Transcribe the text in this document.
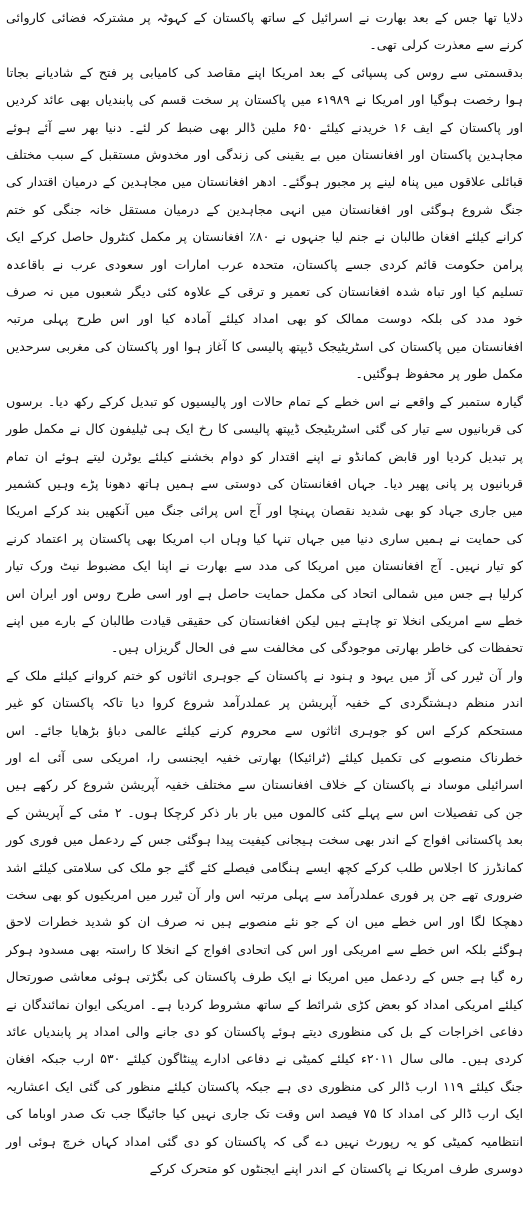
دلایا تھا جس کے بعد بھارت نے اسرائیل کے ساتھ پاکستان کے کہوٹہ پر مشترکہ فضائی کاروائی کرنے سے معذرت کرلی تھی۔

بدقسمتی سے روس کی پسپائی کے بعد امریکا اپنے مقاصد کی کامیابی پر فتح کے شادیانے بجاتا ہوا رخصت ہوگیا اور امریکا نے ۱۹۸۹ء میں پاکستان پر سخت قسم کی پابندیاں بھی عائد کردیں اور پاکستان کے ایف ۱۶ خریدنے کیلئے ۶۵۰ ملین ڈالر بھی ضبط کر لئے۔ دنیا بھر سے آئے ہوئے مجاہدین پاکستان اور افغانستان میں بے یقینی کی زندگی اور مخدوش مستقبل کے سبب مختلف قبائلی علاقوں میں پناہ لینے پر مجبور ہوگئے۔ ادھر افغانستان میں مجاہدین کے درمیان اقتدار کی جنگ شروع ہوگئی اور افغانستان میں انہی مجاہدین کے درمیان مستقل خانہ جنگی کو ختم کرانے کیلئے افغان طالبان نے جنم لیا جنہوں نے ۸۰٪ افغانستان پر مکمل کنٹرول حاصل کرکے ایک پرامن حکومت قائم کردی جسے پاکستان، متحدہ عرب امارات اور سعودی عرب نے باقاعدہ تسلیم کیا اور تباہ شدہ افغانستان کی تعمیر و ترقی کے علاوہ کئی دیگر شعبوں میں نہ صرف خود مدد کی بلکہ دوست ممالک کو بھی امداد کیلئے آمادہ کیا اور اس طرح پہلی مرتبہ افغانستان میں پاکستان کی اسٹریٹیجک ڈیپتھ پالیسی کا آغاز ہوا اور پاکستان کی مغربی سرحدیں مکمل طور پر محفوظ ہوگئیں۔

گیارہ ستمبر کے واقعے نے اس خطے کے تمام حالات اور پالیسیوں کو تبدیل کرکے رکھ دیا۔ برسوں کی قربانیوں سے تیار کی گئی اسٹریٹیجک ڈیپتھ پالیسی کا رخ ایک ہی ٹیلیفون کال نے مکمل طور پر تبدیل کردیا اور قابض کمانڈو نے اپنے اقتدار کو دوام بخشنے کیلئے یوٹرن لیتے ہوئے ان تمام قربانیوں پر پانی پھیر دیا۔ جہاں افغانستان کی دوستی سے ہمیں ہاتھ دھونا پڑے وہیں کشمیر میں جاری جہاد کو بھی شدید نقصان پہنچا اور آج اس پرائی جنگ میں آنکھیں بند کرکے امریکا کی حمایت نے ہمیں ساری دنیا میں جہاں تنہا کیا وہاں اب امریکا بھی پاکستان پر اعتماد کرنے کو تیار نہیں۔ آج افغانستان میں امریکا کی مدد سے بھارت نے اپنا ایک مضبوط نیٹ ورک تیار کرلیا ہے جس میں شمالی اتحاد کی مکمل حمایت حاصل ہے اور اسی طرح روس اور ایران اس خطے سے امریکی انخلا تو چاہتے ہیں لیکن افغانستان کی حقیقی قیادت طالبان کے بارے میں اپنے تحفظات کی خاطر بھارتی موجودگی کی مخالفت سے فی الحال گریزاں ہیں۔

وار آن ٹیرر کی آڑ میں یہود و ہنود نے پاکستان کے جوہری اثاثوں کو ختم کروانے کیلئے ملک کے اندر منظم دہشتگردی کے خفیہ آپریشن پر عملدرآمد شروع کروا دیا تاکہ پاکستان کو غیر مستحکم کرکے اس کو جوہری اثاثوں سے محروم کرنے کیلئے عالمی دباؤ بڑھایا جائے۔ اس خطرناک منصوبے کی تکمیل کیلئے (ٹرائیکا) بھارتی خفیہ ایجنسی را، امریکی سی آئی اے اور اسرائیلی موساد نے پاکستان کے خلاف افغانستان سے مختلف خفیہ آپریشن شروع کر رکھے ہیں جن کی تفصیلات اس سے پہلے کئی کالموں میں بار بار ذکر کرچکا ہوں۔ ۲ مئی کے آپریشن کے بعد پاکستانی افواج کے اندر بھی سخت ہیجانی کیفیت پیدا ہوگئی جس کے ردعمل میں فوری کور کمانڈرز کا اجلاس طلب کرکے کچھ ایسے ہنگامی فیصلے کئے گئے جو ملک کی سلامتی کیلئے اشد ضروری تھے جن پر فوری عملدرآمد سے پہلی مرتبہ اس وار آن ٹیرر میں امریکیوں کو بھی سخت دھچکا لگا اور اس خطے میں ان کے جو نئے منصوبے ہیں نہ صرف ان کو شدید خطرات لاحق ہوگئے بلکہ اس خطے سے امریکی اور اس کی اتحادی افواج کے انخلا کا راستہ بھی مسدود ہوکر رہ گیا ہے جس کے ردعمل میں امریکا نے ایک طرف پاکستان کی بگڑتی ہوئی معاشی صورتحال کیلئے امریکی امداد کو بعض کڑی شرائط کے ساتھ مشروط کردیا ہے۔ امریکی ایوان نمائندگان نے دفاعی اخراجات کے بل کی منظوری دیتے ہوئے پاکستان کو دی جانے والی امداد پر پابندیاں عائد کردی ہیں۔ مالی سال ۲۰۱۱ء کیلئے کمیٹی نے دفاعی ادارے پینٹاگون کیلئے ۵۳۰ ارب جبکہ افغان جنگ کیلئے ۱۱۹ ارب ڈالر کی منظوری دی ہے جبکہ پاکستان کیلئے منظور کی گئی ایک اعشاریہ ایک ارب ڈالر کی امداد کا ۷۵ فیصد اس وقت تک جاری نہیں کیا جائیگا جب تک صدر اوباما کی انتظامیہ کمیٹی کو یہ رپورٹ نہیں دے گی کہ پاکستان کو دی گئی امداد کہاں خرچ ہوئی اور دوسری طرف امریکا نے پاکستان کے اندر اپنے ایجنٹوں کو متحرک کرکے
